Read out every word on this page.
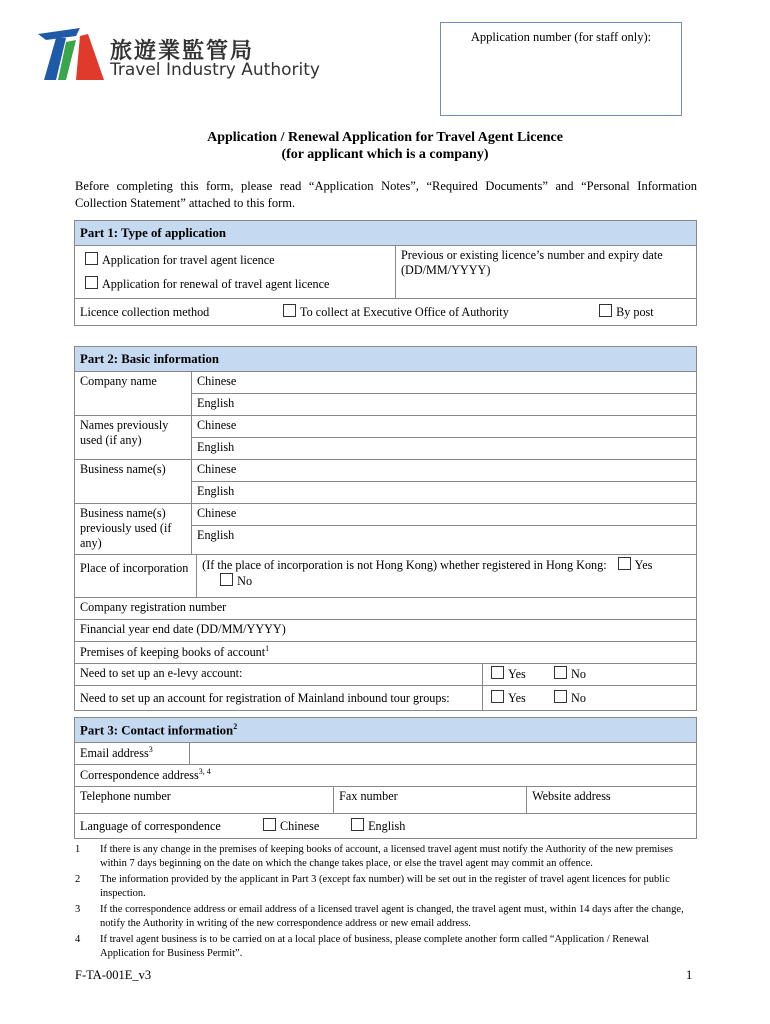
旅遊業監管局
Travel Industry Authority
Application number (for staff only):
Application / Renewal Application for Travel Agent Licence
(for applicant which is a company)
Before completing this form, please read “Application Notes”, “Required Documents” and “Personal Information Collection Statement” attached to this form.
Part 1: Type of application
Application for travel agent licence	Previous or existing licence’s number and expiry date (DD/MM/YYYY)
Application for renewal of travel agent licence
Licence collection method	To collect at Executive Office of Authority	By post
Part 2: Basic information			
Company name	Chinese		
	English		
Names previously used (if any)	Chinese		
	English		
Business name(s)	Chinese		
	English		
Business name(s) previously used (if any)	Chinese		
	English		
Place of incorporation		(If the place of incorporation is not Hong Kong) whether registered in Hong Kong: Yes No	
Company registration number			
Financial year end date (DD/MM/YYYY)			
Premises of keeping books of account$^1$
Need to set up an e-levy account:			Yes No
Need to set up an account for registration of Mainland inbound tour groups:			Yes No
Part 3: Contact information$^2$
Email address$^3$	
Correspondence address$^{3, 4}$
Telephone number		Fax number	Website address
Language of correspondence Chinese English			
1	If there is any change in the premises of keeping books of account, a licensed travel agent must notify the Authority of the new premises within 7 days beginning on the date on which the change takes place, or else the travel agent may commit an offence.
2	The information provided by the applicant in Part 3 (except fax number) will be set out in the register of travel agent licences for public inspection.
3	If the correspondence address or email address of a licensed travel agent is changed, the travel agent must, within 14 days after the change, notify the Authority in writing of the new correspondence address or new email address.
4	If travel agent business is to be carried on at a local place of business, please complete another form called “Application / Renewal Application for Business Permit”.
F-TA-001E_v3	1
